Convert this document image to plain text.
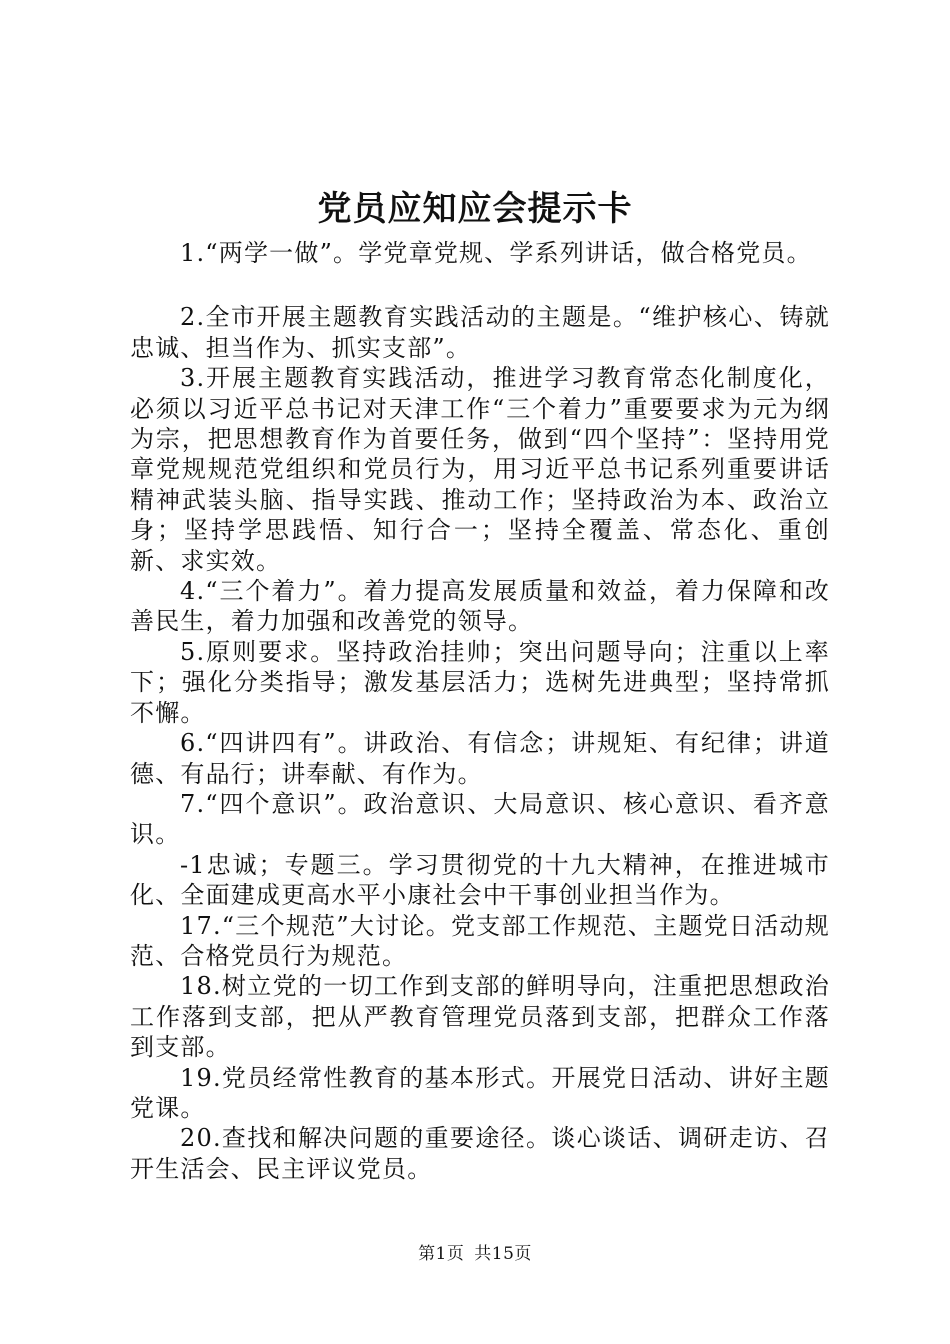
党员应知应会提示卡

1.“两学一做”。学党章党规、学系列讲话，做合格党员。

2.全市开展主题教育实践活动的主题是。“维护核心、铸就忠诚、担当作为、抓实支部”。

3.开展主题教育实践活动，推进学习教育常态化制度化，必须以习近平总书记对天津工作“三个着力”重要要求为元为纲为宗，把思想教育作为首要任务，做到“四个坚持”：坚持用党章党规规范党组织和党员行为，用习近平总书记系列重要讲话精神武装头脑、指导实践、推动工作；坚持政治为本、政治立身；坚持学思践悟、知行合一；坚持全覆盖、常态化、重创新、求实效。

4.“三个着力”。着力提高发展质量和效益，着力保障和改善民生，着力加强和改善党的领导。

5.原则要求。坚持政治挂帅；突出问题导向；注重以上率下；强化分类指导；激发基层活力；选树先进典型；坚持常抓不懈。

6.“四讲四有”。讲政治、有信念；讲规矩、有纪律；讲道德、有品行；讲奉献、有作为。

7.“四个意识”。政治意识、大局意识、核心意识、看齐意识。

-1忠诚；专题三。学习贯彻党的十九大精神，在推进城市化、全面建成更高水平小康社会中干事创业担当作为。

17.“三个规范”大讨论。党支部工作规范、主题党日活动规范、合格党员行为规范。

18.树立党的一切工作到支部的鲜明导向，注重把思想政治工作落到支部，把从严教育管理党员落到支部，把群众工作落到支部。

19.党员经常性教育的基本形式。开展党日活动、讲好主题党课。

20.查找和解决问题的重要途径。谈心谈话、调研走访、召开生活会、民主评议党员。

第1页 共15页
